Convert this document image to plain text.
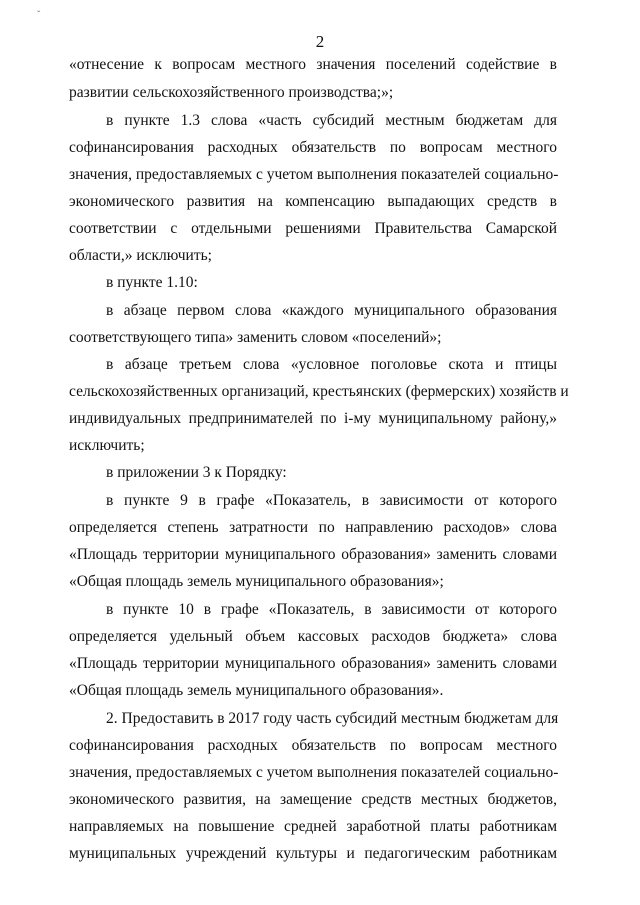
ˇ
2
«отнесение к вопросам местного значения поселений содействие в
развитии сельскохозяйственного производства;»;
в пункте 1.3 слова «часть субсидий местным бюджетам для
софинансирования расходных обязательств по вопросам местного
значения, предоставляемых с учетом выполнения показателей социально-
экономического развития на компенсацию выпадающих средств в
соответствии с отдельными решениями Правительства Самарской
области,» исключить;
в пункте 1.10:
в абзаце первом слова «каждого муниципального образования
соответствующего типа» заменить словом «поселений»;
в абзаце третьем слова «условное поголовье скота и птицы
сельскохозяйственных организаций, крестьянских (фермерских) хозяйств и
индивидуальных предпринимателей по i-му муниципальному району,»
исключить;
в приложении 3 к Порядку:
в пункте 9 в графе «Показатель, в зависимости от которого
определяется степень затратности по направлению расходов» слова
«Площадь территории муниципального образования» заменить словами
«Общая площадь земель муниципального образования»;
в пункте 10 в графе «Показатель, в зависимости от которого
определяется удельный объем кассовых расходов бюджета» слова
«Площадь территории муниципального образования» заменить словами
«Общая площадь земель муниципального образования».
2. Предоставить в 2017 году часть субсидий местным бюджетам для
софинансирования расходных обязательств по вопросам местного
значения, предоставляемых с учетом выполнения показателей социально-
экономического развития, на замещение средств местных бюджетов,
направляемых на повышение средней заработной платы работникам
муниципальных учреждений культуры и педагогическим работникам
